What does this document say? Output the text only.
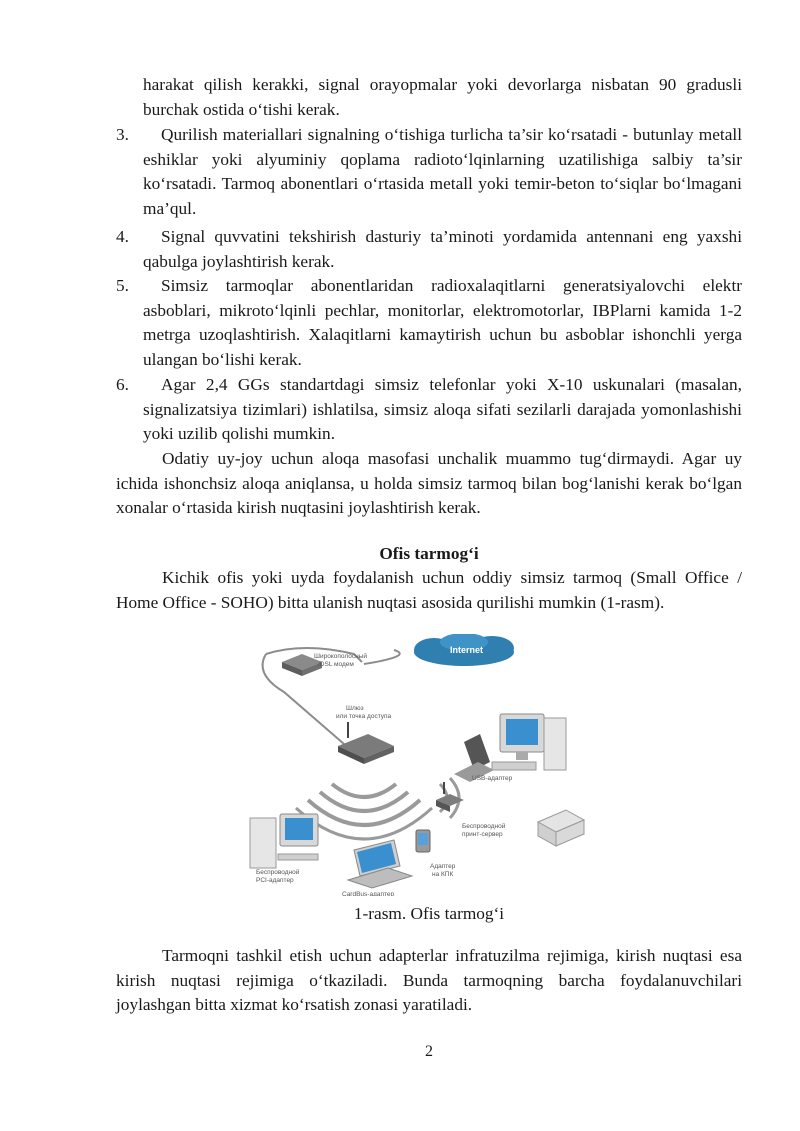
harakat qilish kerakki, signal orayopmalar yoki devorlarga nisbatan 90 gradusli burchak ostida o‘tishi kerak.

3.	Qurilish materiallari signalning o‘tishiga turlicha ta’sir ko‘rsatadi - butunlay metall eshiklar yoki alyuminiy qoplama radioto‘lqinlarning uzatilishiga salbiy ta’sir ko‘rsatadi. Tarmoq abonentlari o‘rtasida metall yoki temir-beton to‘siqlar bo‘lmagani ma’qul.
4.	Signal quvvatini tekshirish dasturiy ta’minoti yordamida antennani eng yaxshi qabulga joylashtirish kerak.
5.	Simsiz tarmoqlar abonentlaridan radioxalaqitlarni generatsiyalovchi elektr asboblari, mikroto‘lqinli pechlar, monitorlar, elektromotorlar, IBPlarni kamida 1-2 metrga uzoqlashtirish. Xalaqitlarni kamaytirish uchun bu asboblar ishonchli yerga ulangan bo‘lishi kerak.
6.	Agar 2,4 GGs standartdagi simsiz telefonlar yoki X-10 uskunalari (masalan, signalizatsiya tizimlari) ishlatilsa, simsiz aloqa sifati sezilarli darajada yomonlashishi yoki uzilib qolishi mumkin.

Odatiy uy-joy uchun aloqa masofasi unchalik muammo tug‘dirmaydi. Agar uy ichida ishonchsiz aloqa aniqlansa, u holda simsiz tarmoq bilan bog‘lanishi kerak bo‘lgan xonalar o‘rtasida kirish nuqtasini joylashtirish kerak.

Ofis tarmog‘i

Kichik ofis yoki uyda foydalanish uchun oddiy simsiz tarmoq (Small Office / Home Office - SOHO) bitta ulanish nuqtasi asosida qurilishi mumkin (1-rasm).

Internet
Широкополосный
/DSL модем
Шлюз
или точка доступа
USB-адаптер
Беспроводной
принт-сервер
Беспроводной
PCI-адаптер
CardBus-адаптер
Адаптер
на КПК

1-rasm. Ofis tarmog‘i

Tarmoqni tashkil etish uchun adapterlar infratuzilma rejimiga, kirish nuqtasi esa kirish nuqtasi rejimiga o‘tkaziladi. Bunda tarmoqning barcha foydalanuvchilari joylashgan bitta xizmat ko‘rsatish zonasi yaratiladi.

2
